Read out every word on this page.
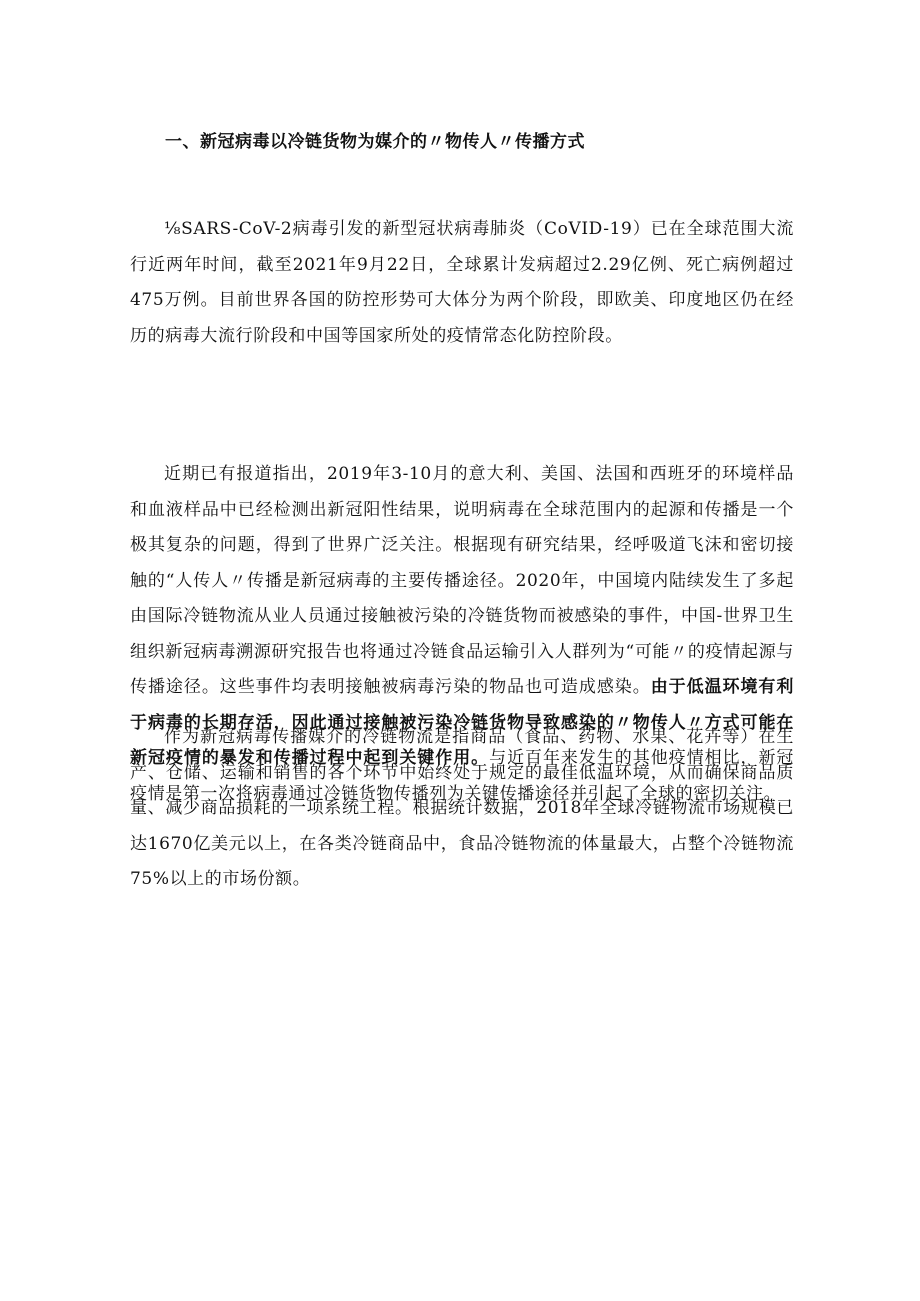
一、新冠病毒以冷链货物为媒介的〃物传人〃传播方式

⅛SARS-CoV-2病毒引发的新型冠状病毒肺炎（CoVID-19）已在全球范围大流行近两年时间，截至2021年9月22日，全球累计发病超过2.29亿例、死亡病例超过475万例。目前世界各国的防控形势可大体分为两个阶段，即欧美、印度地区仍在经历的病毒大流行阶段和中国等国家所处的疫情常态化防控阶段。

近期已有报道指出，2019年3-10月的意大利、美国、法国和西班牙的环境样品和血液样品中已经检测出新冠阳性结果，说明病毒在全球范围内的起源和传播是一个极其复杂的问题，得到了世界广泛关注。根据现有研究结果，经呼吸道飞沫和密切接触的“人传人〃传播是新冠病毒的主要传播途径。2020年，中国境内陆续发生了多起由国际冷链物流从业人员通过接触被污染的冷链货物而被感染的事件，中国-世界卫生组织新冠病毒溯源研究报告也将通过冷链食品运输引入人群列为“可能〃的疫情起源与传播途径。这些事件均表明接触被病毒污染的物品也可造成感染。由于低温环境有利于病毒的长期存活，因此通过接触被污染冷链货物导致感染的〃物传人〃方式可能在新冠疫情的暴发和传播过程中起到关键作用。与近百年来发生的其他疫情相比，新冠疫情是第一次将病毒通过冷链货物传播列为关键传播途径并引起了全球的密切关注。

作为新冠病毒传播媒介的冷链物流是指商品（食品、药物、水果、花卉等）在生产、仓储、运输和销售的各个环节中始终处于规定的最佳低温环境，从而确保商品质量、减少商品损耗的一项系统工程。根据统计数据，2018年全球冷链物流市场规模已达1670亿美元以上，在各类冷链商品中，食品冷链物流的体量最大，占整个冷链物流75%以上的市场份额。
